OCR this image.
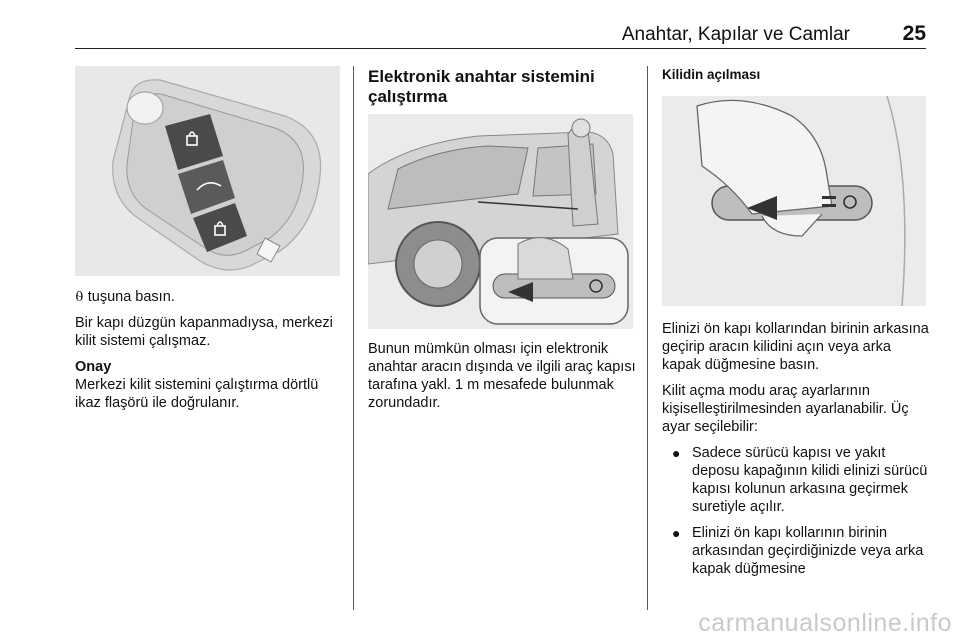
Anahtar, Kapılar ve Camlar	25

⍬ tuşuna basın.

Bir kapı düzgün kapanmadıysa, merkezi kilit sistemi çalışmaz.

Onay

Merkezi kilit sistemini çalıştırma dörtlü ikaz flaşörü ile doğrulanır.

Elektronik anahtar sistemini çalıştırma

Bunun mümkün olması için elektronik anahtar aracın dışında ve ilgili araç kapısı tarafına yakl. 1 m mesafede bulunmak zorundadır.

Kilidin açılması

Elinizi ön kapı kollarından birinin arkasına geçirip aracın kilidini açın veya arka kapak düğmesine basın.

Kilit açma modu araç ayarlarının kişiselleştirilmesinden ayarlanabilir. Üç ayar seçilebilir:

● Sadece sürücü kapısı ve yakıt deposu kapağının kilidi elinizi sürücü kapısı kolunun arkasına geçirmek suretiyle açılır.
● Elinizi ön kapı kollarının birinin arkasından geçirdiğinizde veya arka kapak düğmesine
carmanualsonline.info
